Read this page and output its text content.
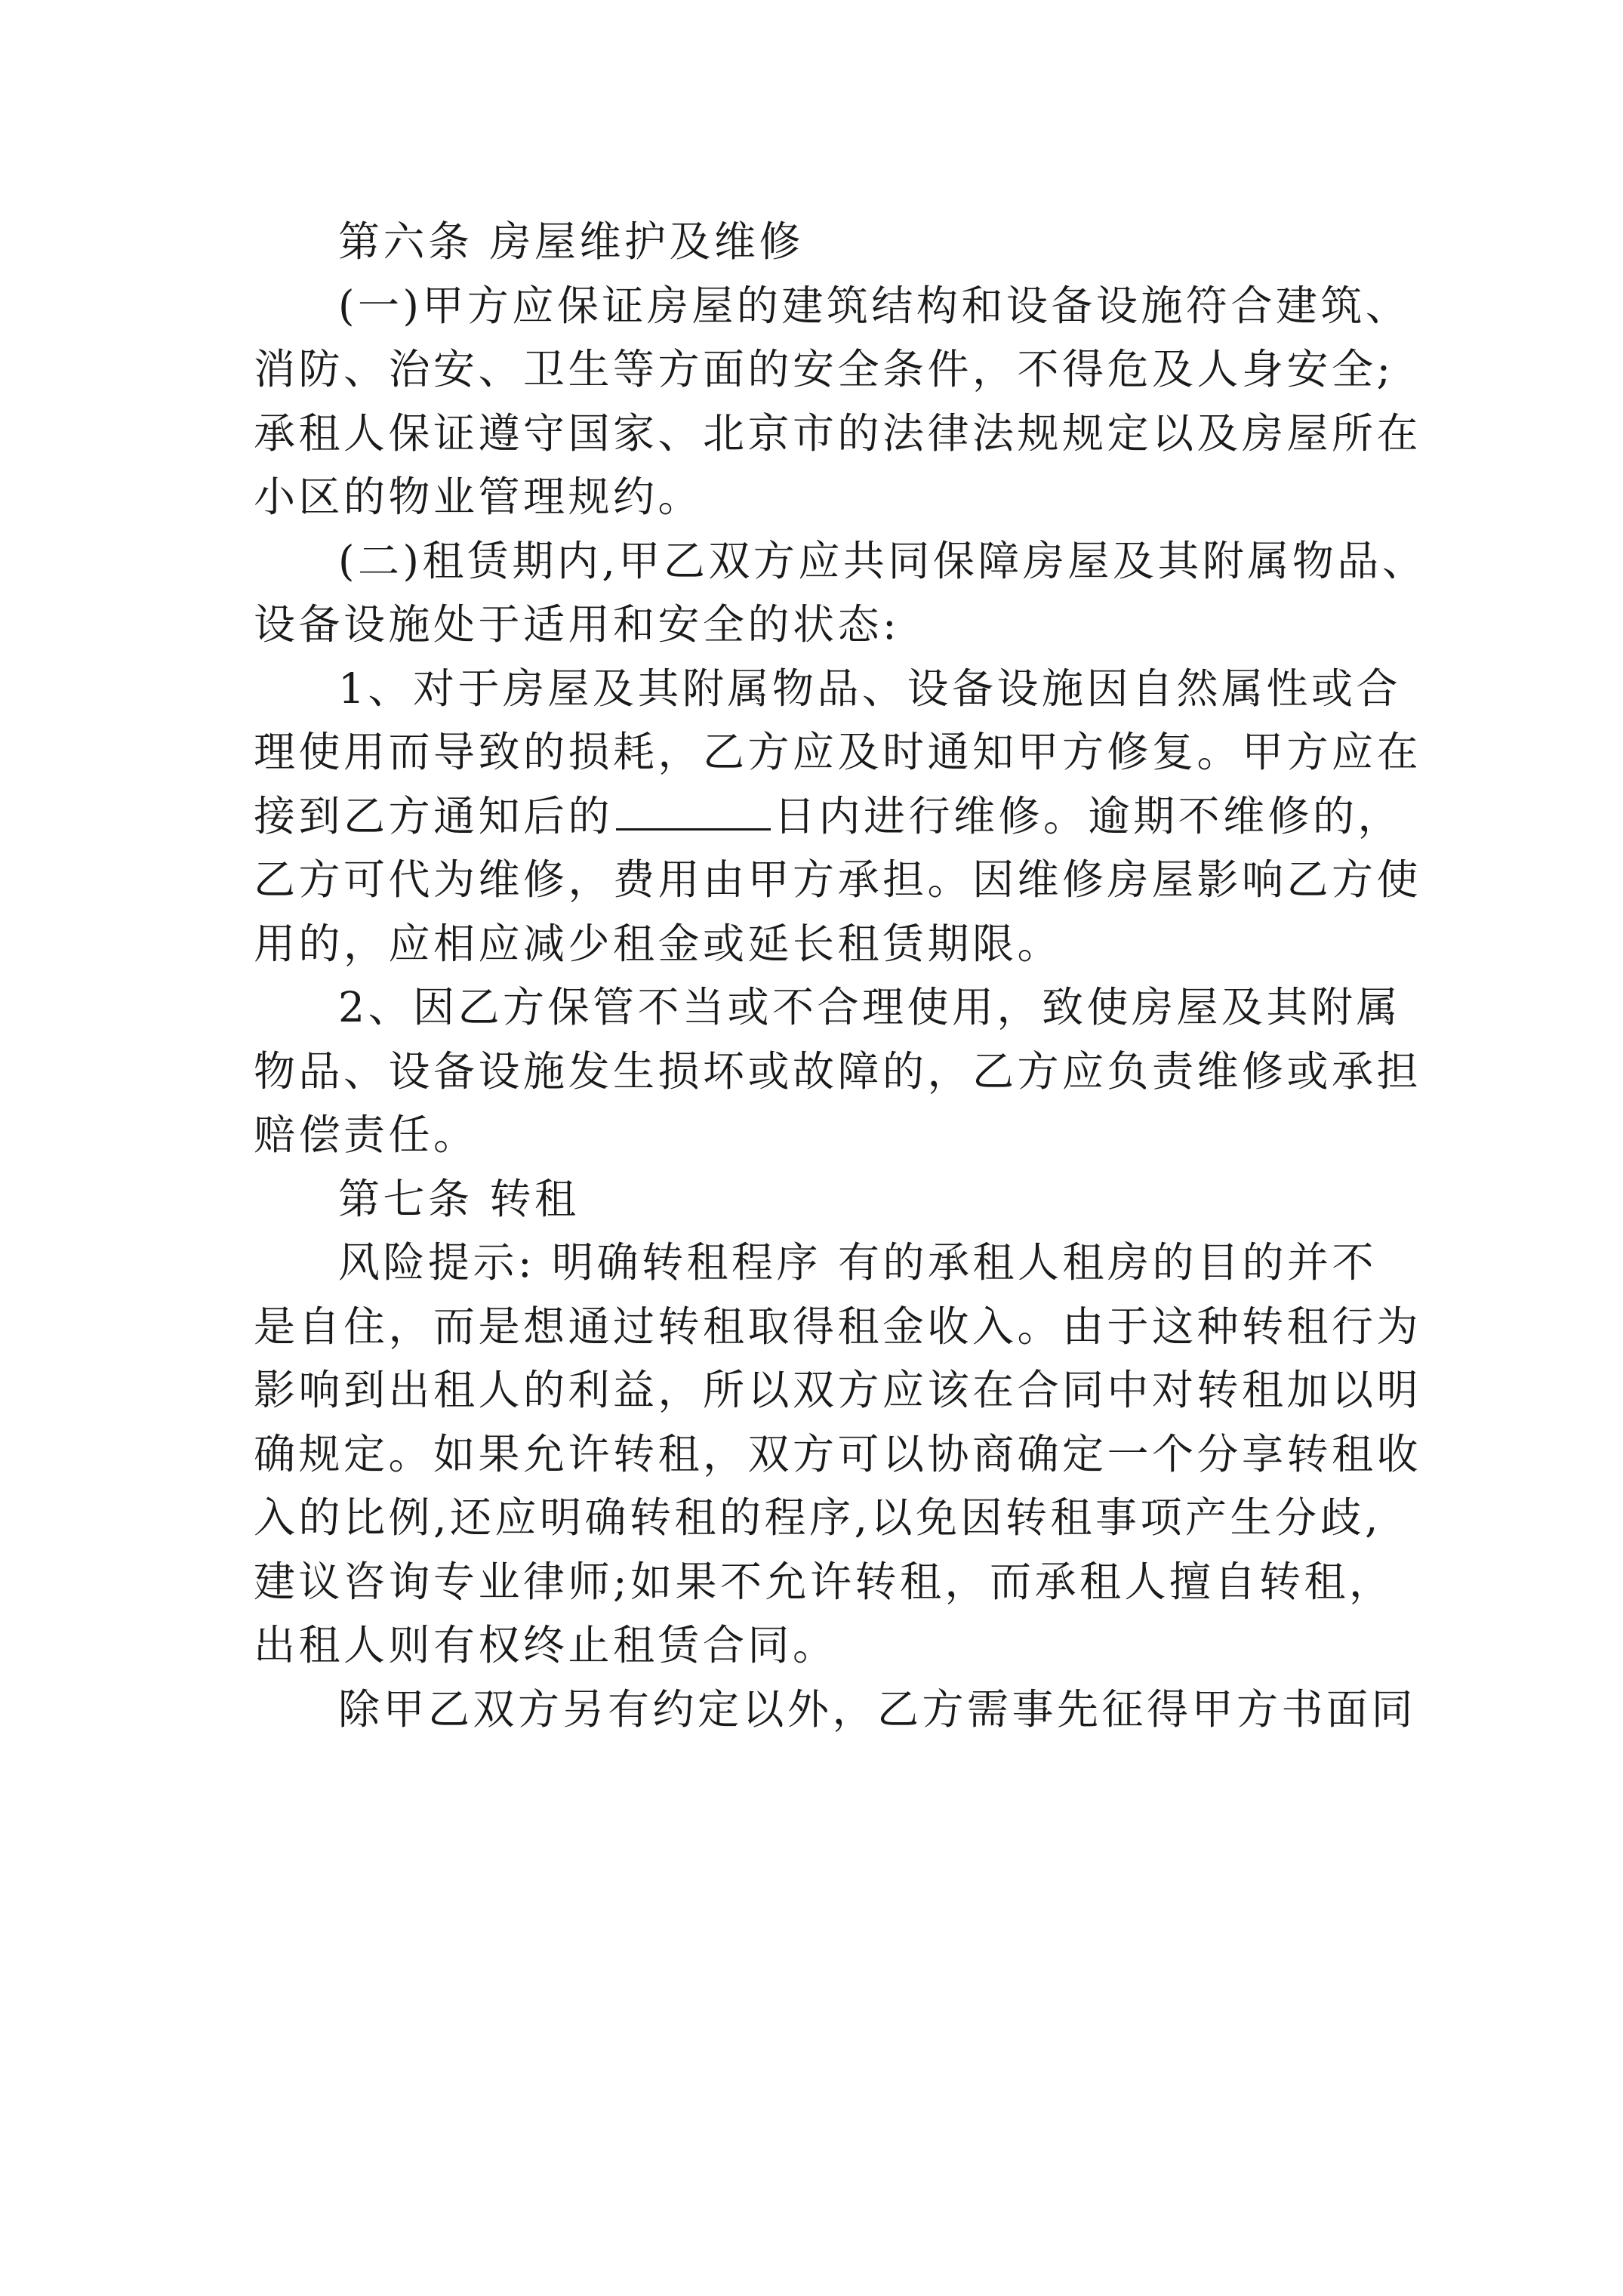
第六条 房屋维护及维修
(一)甲方应保证房屋的建筑结构和设备设施符合建筑、
消防、治安、卫生等方面的安全条件，不得危及人身安全;
承租人保证遵守国家、北京市的法律法规规定以及房屋所在
小区的物业管理规约。
(二)租赁期内,甲乙双方应共同保障房屋及其附属物品、
设备设施处于适用和安全的状态:
1、对于房屋及其附属物品、设备设施因自然属性或合
理使用而导致的损耗，乙方应及时通知甲方修复。甲方应在
接到乙方通知后的	日内进行维修。逾期不维修的，
乙方可代为维修，费用由甲方承担。因维修房屋影响乙方使
用的，应相应减少租金或延长租赁期限。
2、因乙方保管不当或不合理使用，致使房屋及其附属
物品、设备设施发生损坏或故障的，乙方应负责维修或承担
赔偿责任。
第七条 转租
风险提示: 明确转租程序 有的承租人租房的目的并不
是自住，而是想通过转租取得租金收入。由于这种转租行为
影响到出租人的利益，所以双方应该在合同中对转租加以明
确规定。如果允许转租，双方可以协商确定一个分享转租收
入的比例,还应明确转租的程序,以免因转租事项产生分歧,
建议咨询专业律师;如果不允许转租，而承租人擅自转租，
出租人则有权终止租赁合同。
除甲乙双方另有约定以外，乙方需事先征得甲方书面同
